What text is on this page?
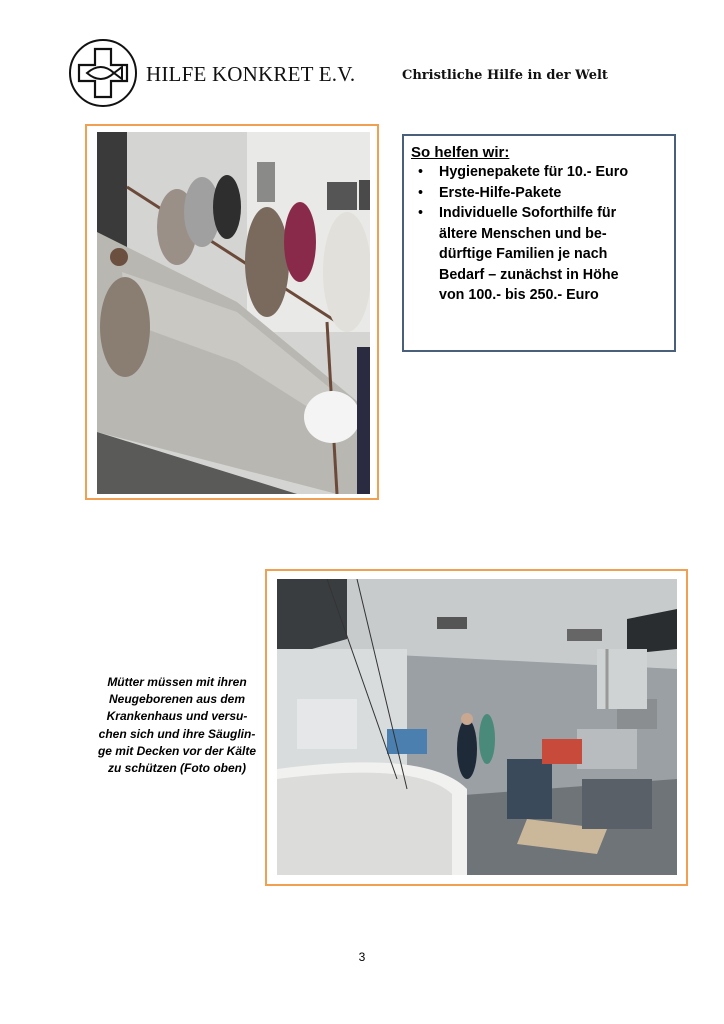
HILFE KONKRET E.V.	Christliche Hilfe in der Welt
So helfen wir:
• Hygienepakete für 10.- Euro
• Erste-Hilfe-Pakete
• Individuelle Soforthilfe für
ältere Menschen und be-
dürftige Familien je nach
Bedarf – zunächst in Höhe
von 100.- bis 250.- Euro
Mütter müssen mit ihren
Neugeborenen aus dem
Krankenhaus und versu-
chen sich und ihre Säuglin-
ge mit Decken vor der Kälte
zu schützen (Foto oben)
3
